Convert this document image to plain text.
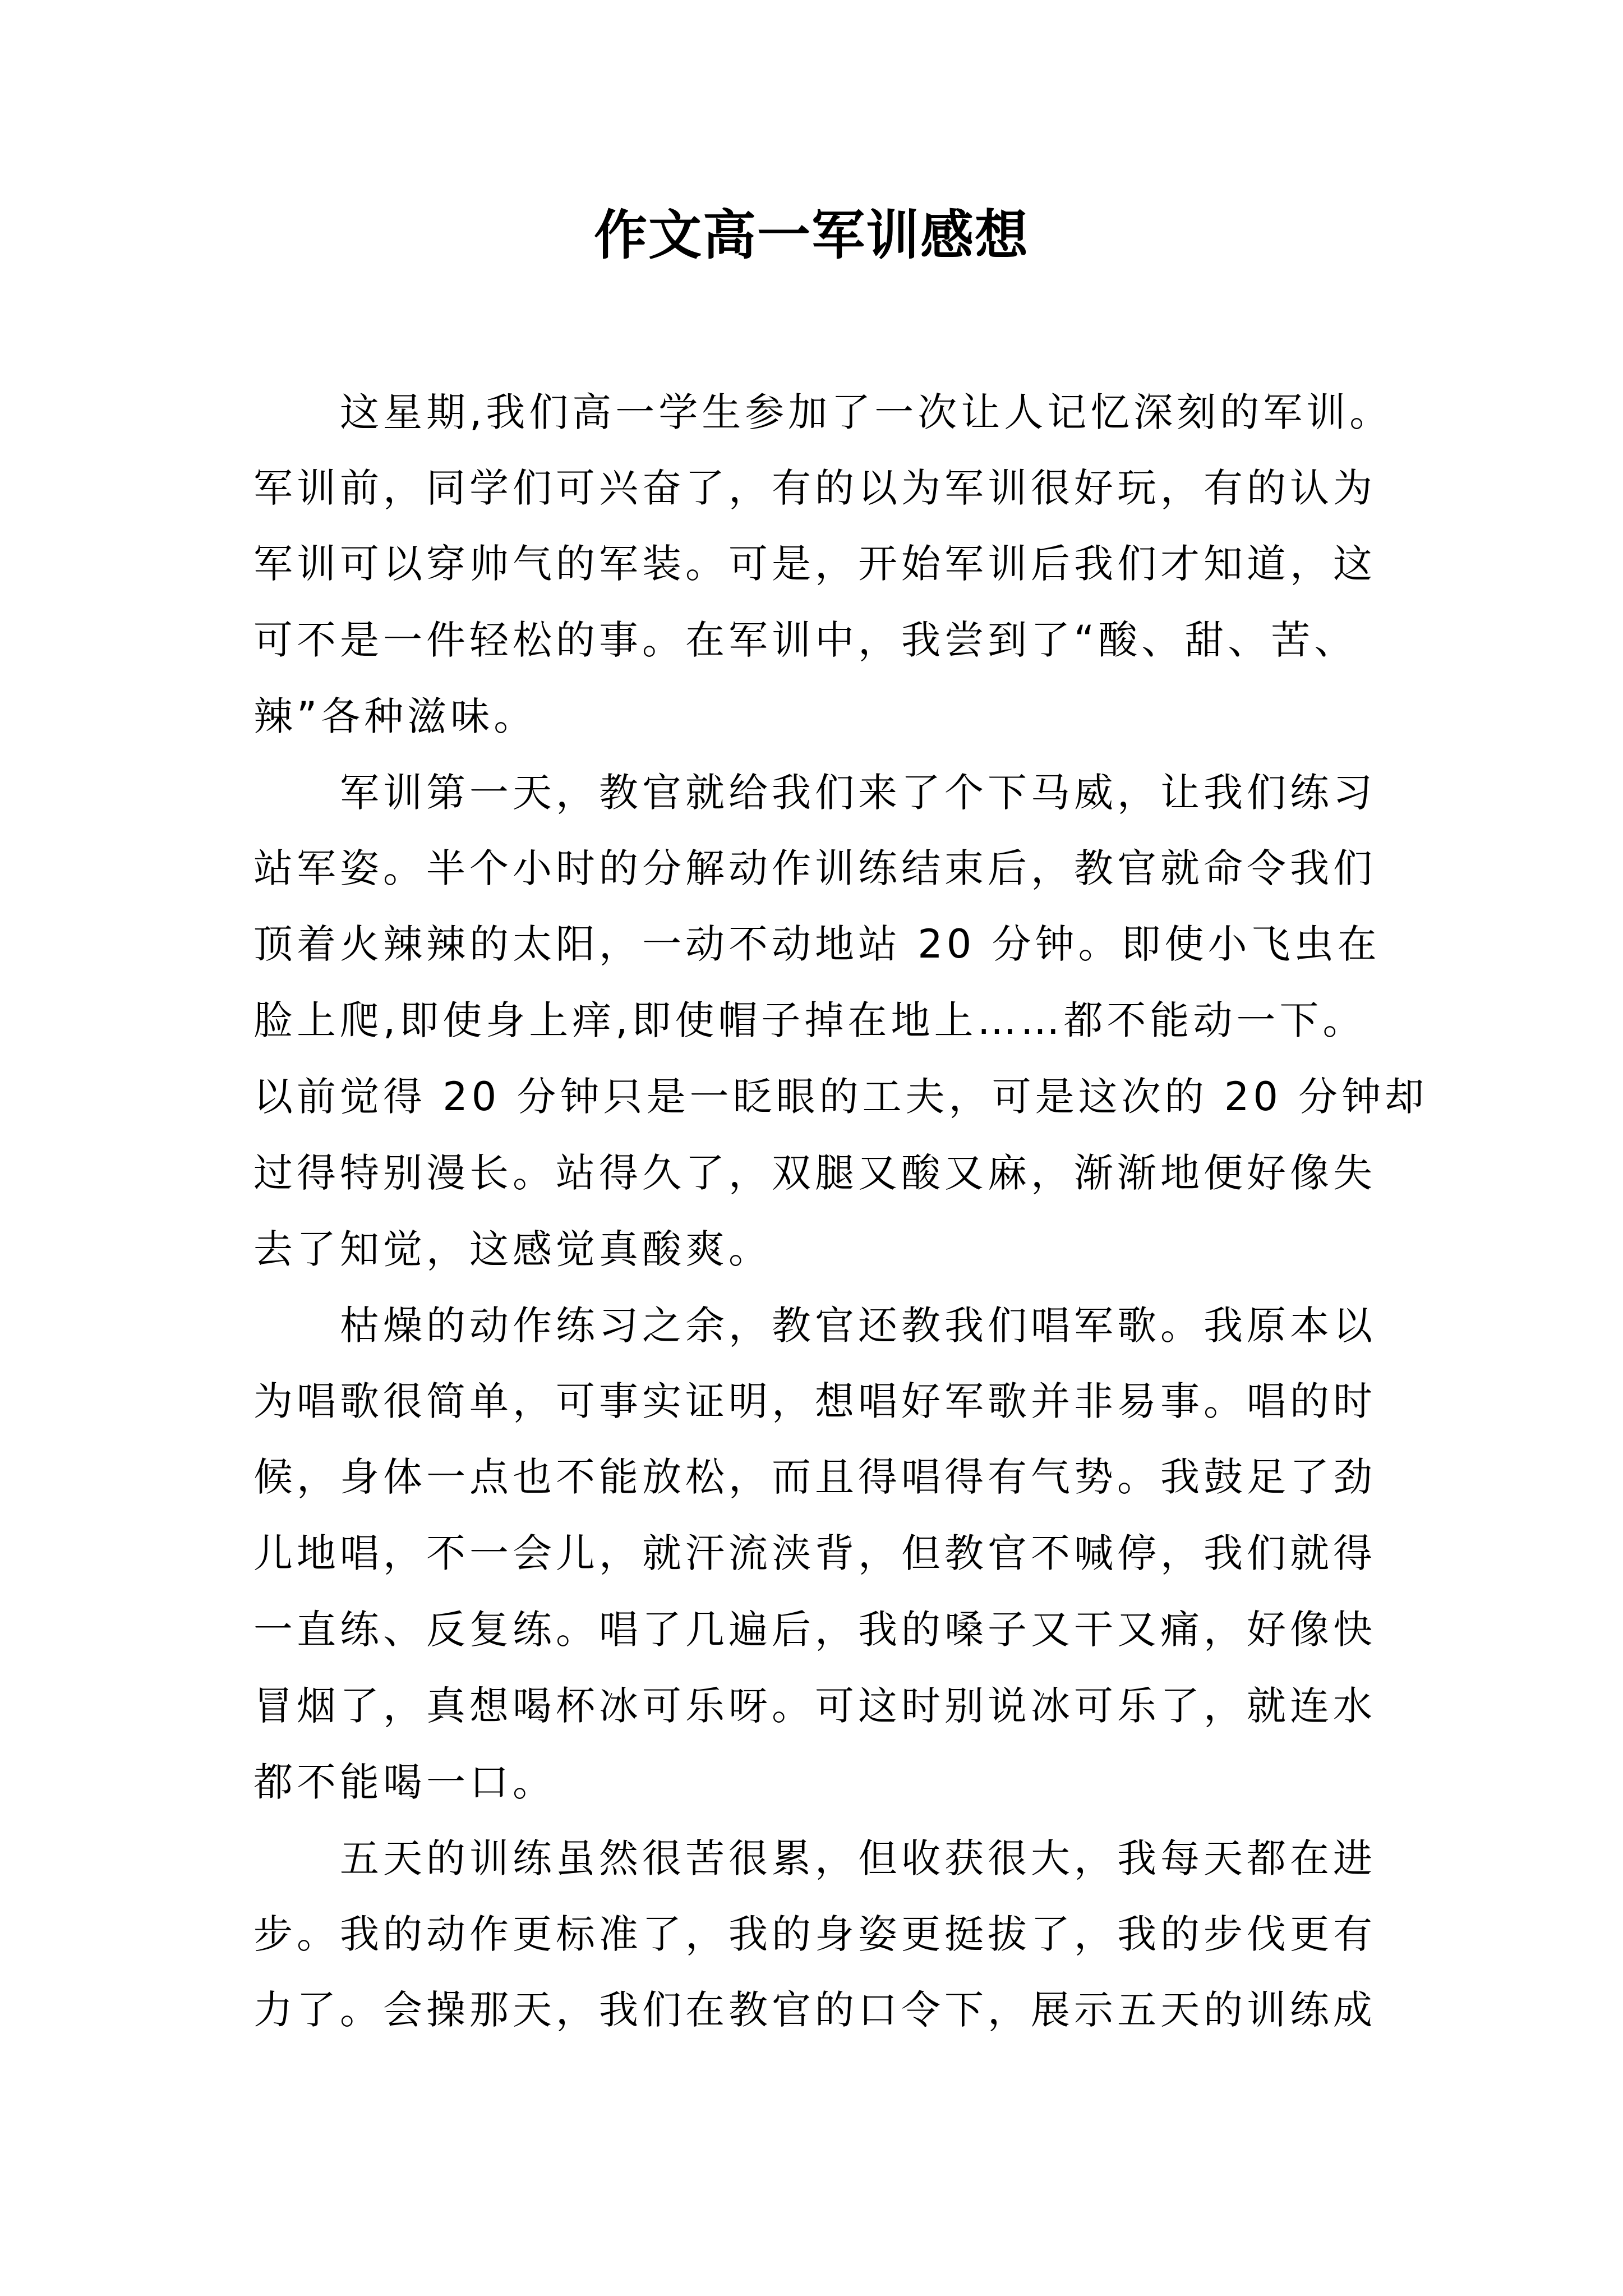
作文高一军训感想
　　这星期,我们高一学生参加了一次让人记忆深刻的军训。
军训前，同学们可兴奋了，有的以为军训很好玩，有的认为
军训可以穿帅气的军装。可是，开始军训后我们才知道，这
可不是一件轻松的事。在军训中，我尝到了“酸、甜、苦、
辣”各种滋味。
　　军训第一天，教官就给我们来了个下马威，让我们练习
站军姿。半个小时的分解动作训练结束后，教官就命令我们
顶着火辣辣的太阳，一动不动地站 20 分钟。即使小飞虫在
脸上爬,即使身上痒,即使帽子掉在地上……都不能动一下。
以前觉得 20 分钟只是一眨眼的工夫，可是这次的 20 分钟却
过得特别漫长。站得久了，双腿又酸又麻，渐渐地便好像失
去了知觉，这感觉真酸爽。
　　枯燥的动作练习之余，教官还教我们唱军歌。我原本以
为唱歌很简单，可事实证明，想唱好军歌并非易事。唱的时
候，身体一点也不能放松，而且得唱得有气势。我鼓足了劲
儿地唱，不一会儿，就汗流浃背，但教官不喊停，我们就得
一直练、反复练。唱了几遍后，我的嗓子又干又痛，好像快
冒烟了，真想喝杯冰可乐呀。可这时别说冰可乐了，就连水
都不能喝一口。
　　五天的训练虽然很苦很累，但收获很大，我每天都在进
步。我的动作更标准了，我的身姿更挺拔了，我的步伐更有
力了。会操那天，我们在教官的口令下，展示五天的训练成
